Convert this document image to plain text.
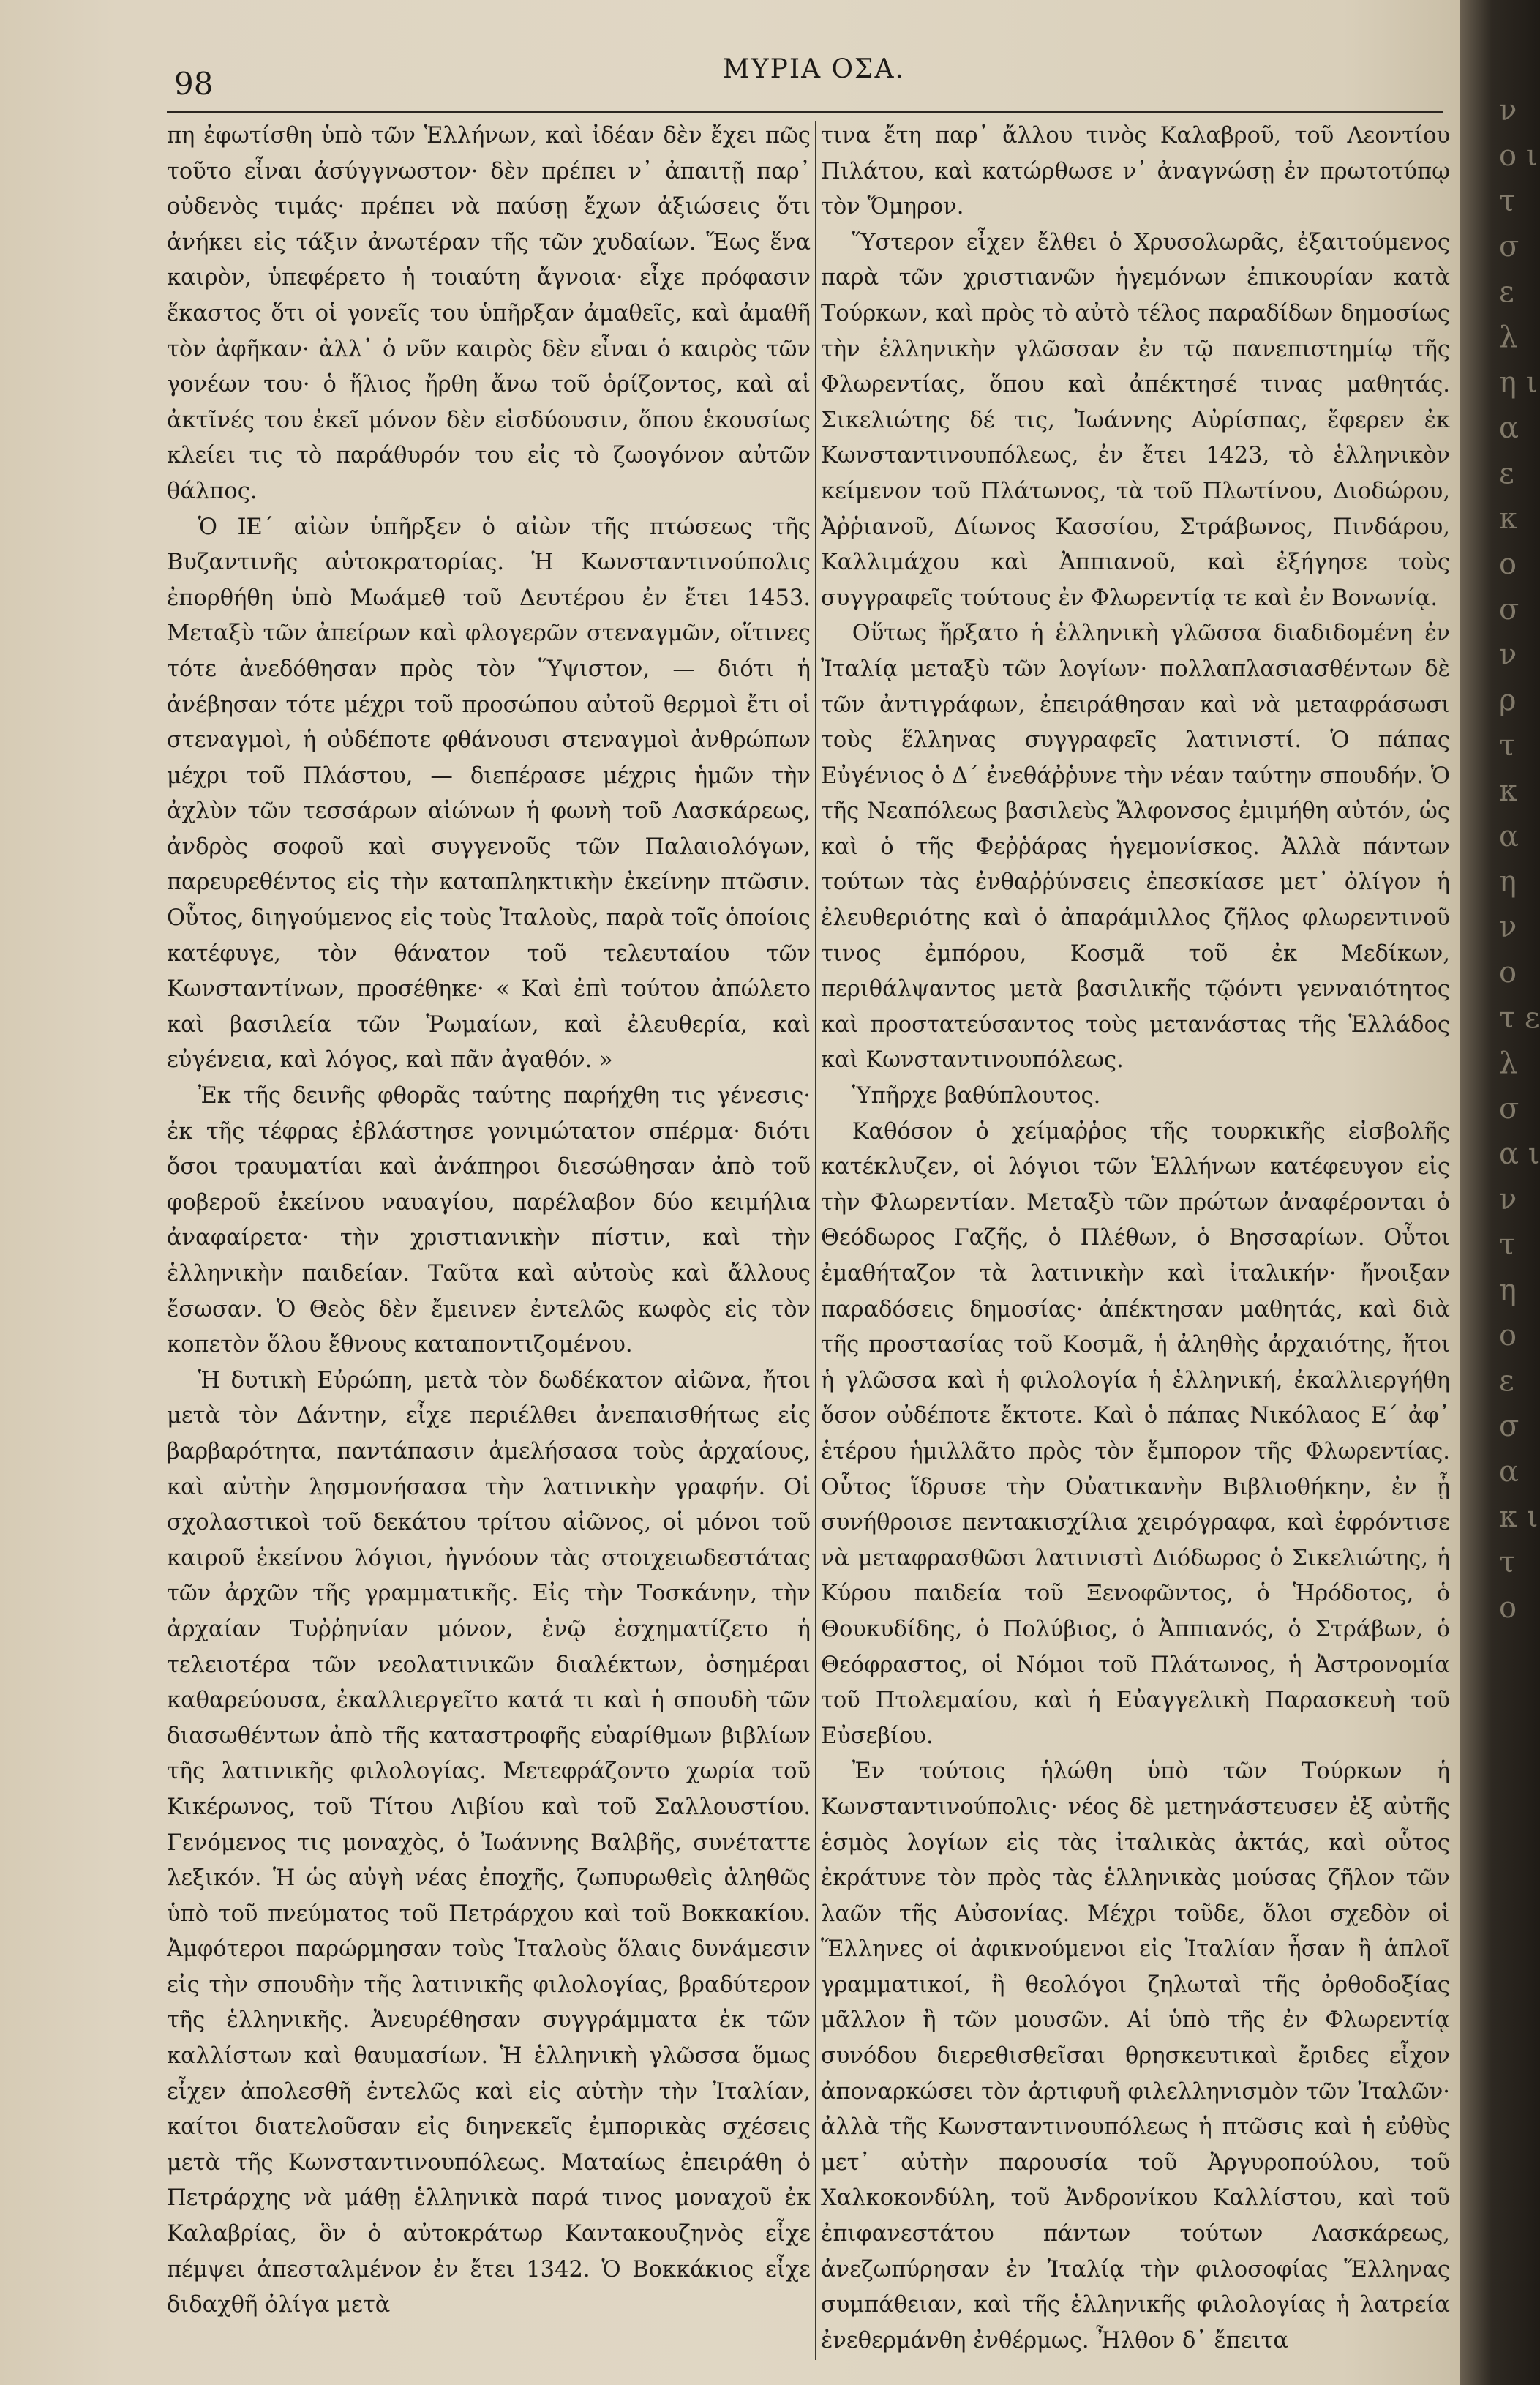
98	ΜΥΡΙΑ ΟΣΑ.

πη ἐφωτίσθη ὑπὸ τῶν Ἑλλήνων, καὶ ἰδέαν δὲν ἔχει πῶς τοῦτο εἶναι ἀσύγγνωστον· δὲν πρέπει ν᾽ ἀπαιτῇ παρ᾽ οὐδενὸς τιμάς· πρέπει νὰ παύσῃ ἔχων ἀξιώσεις ὅτι ἀνήκει εἰς τάξιν ἀνωτέραν τῆς τῶν χυδαίων. Ἕως ἕνα καιρὸν, ὑπεφέρετο ἡ τοιαύτη ἄγνοια· εἶχε πρόφασιν ἕκαστος ὅτι οἱ γονεῖς του ὑπῆρξαν ἀμαθεῖς, καὶ ἀμαθῆ τὸν ἀφῆκαν· ἀλλ᾽ ὁ νῦν καιρὸς δὲν εἶναι ὁ καιρὸς τῶν γονέων του· ὁ ἥλιος ἤρθη ἄνω τοῦ ὁρίζοντος, καὶ αἱ ἀκτῖνές του ἐκεῖ μόνον δὲν εἰσδύουσιν, ὅπου ἑκουσίως κλείει τις τὸ παράθυρόν του εἰς τὸ ζωογόνον αὐτῶν θάλπος.

Ὁ ΙΕ΄ αἰὼν ὑπῆρξεν ὁ αἰὼν τῆς πτώσεως τῆς Βυζαντινῆς αὐτοκρατορίας. Ἡ Κωνσταντινούπολις ἐπορθήθη ὑπὸ Μωάμεθ τοῦ Δευτέρου ἐν ἔτει 1453. Μεταξὺ τῶν ἀπείρων καὶ φλογερῶν στεναγμῶν, οἵτινες τότε ἀνεδόθησαν πρὸς τὸν Ὕψιστον, — διότι ἡ ἀνέβησαν τότε μέχρι τοῦ προσώπου αὐτοῦ θερμοὶ ἔτι οἱ στεναγμοὶ, ἡ οὐδέποτε φθάνουσι στεναγμοὶ ἀνθρώπων μέχρι τοῦ Πλάστου, — διεπέρασε μέχρις ἡμῶν τὴν ἀχλὺν τῶν τεσσάρων αἰώνων ἡ φωνὴ τοῦ Λασκάρεως, ἀνδρὸς σοφοῦ καὶ συγγενοῦς τῶν Παλαιολόγων, παρευρεθέντος εἰς τὴν καταπληκτικὴν ἐκείνην πτῶσιν. Οὗτος, διηγούμενος εἰς τοὺς Ἰταλοὺς, παρὰ τοῖς ὁποίοις κατέφυγε, τὸν θάνατον τοῦ τελευταίου τῶν Κωνσταντίνων, προσέθηκε· « Καὶ ἐπὶ τούτου ἀπώλετο καὶ βασιλεία τῶν Ῥωμαίων, καὶ ἐλευθερία, καὶ εὐγένεια, καὶ λόγος, καὶ πᾶν ἀγαθόν. »

Ἐκ τῆς δεινῆς φθορᾶς ταύτης παρήχθη τις γένεσις· ἐκ τῆς τέφρας ἐβλάστησε γονιμώτατον σπέρμα· διότι ὅσοι τραυματίαι καὶ ἀνάπηροι διεσώθησαν ἀπὸ τοῦ φοβεροῦ ἐκείνου ναυαγίου, παρέλαβον δύο κειμήλια ἀναφαίρετα· τὴν χριστιανικὴν πίστιν, καὶ τὴν ἑλληνικὴν παιδείαν. Ταῦτα καὶ αὐτοὺς καὶ ἄλλους ἔσωσαν. Ὁ Θεὸς δὲν ἔμεινεν ἐντελῶς κωφὸς εἰς τὸν κοπετὸν ὅλου ἔθνους καταποντιζομένου.

Ἡ δυτικὴ Εὐρώπη, μετὰ τὸν δωδέκατον αἰῶνα, ἤτοι μετὰ τὸν Δάντην, εἶχε περιέλθει ἀνεπαισθήτως εἰς βαρβαρότητα, παντάπασιν ἀμελήσασα τοὺς ἀρχαίους, καὶ αὐτὴν λησμονήσασα τὴν λατινικὴν γραφήν. Οἱ σχολαστικοὶ τοῦ δεκάτου τρίτου αἰῶνος, οἱ μόνοι τοῦ καιροῦ ἐκείνου λόγιοι, ἠγνόουν τὰς στοιχειωδεστάτας τῶν ἀρχῶν τῆς γραμματικῆς. Εἰς τὴν Τοσκάνην, τὴν ἀρχαίαν Τυῤῥηνίαν μόνον, ἐνῷ ἐσχηματίζετο ἡ τελειοτέρα τῶν νεολατινικῶν διαλέκτων, ὀσημέραι καθαρεύουσα, ἐκαλλιεργεῖτο κατά τι καὶ ἡ σπουδὴ τῶν διασωθέντων ἀπὸ τῆς καταστροφῆς εὐαρίθμων βιβλίων τῆς λατινικῆς φιλολογίας. Μετεφράζοντο χωρία τοῦ Κικέρωνος, τοῦ Τίτου Λιβίου καὶ τοῦ Σαλλουστίου. Γενόμενος τις μοναχὸς, ὁ Ἰωάννης Βαλβῆς, συνέταττε λεξικόν. Ἡ ὡς αὐγὴ νέας ἐποχῆς, ζωπυρωθεὶς ἀληθῶς ὑπὸ τοῦ πνεύματος τοῦ Πετράρχου καὶ τοῦ Βοκκακίου. Ἀμφότεροι παρώρμησαν τοὺς Ἰταλοὺς ὅλαις δυνάμεσιν εἰς τὴν σπουδὴν τῆς λατινικῆς φιλολογίας, βραδύτερον τῆς ἑλληνικῆς. Ἀνευρέθησαν συγγράμματα ἐκ τῶν καλλίστων καὶ θαυμασίων. Ἡ ἑλληνικὴ γλῶσσα ὅμως εἶχεν ἀπολεσθῆ ἐντελῶς καὶ εἰς αὐτὴν τὴν Ἰταλίαν, καίτοι διατελοῦσαν εἰς διηνεκεῖς ἐμπορικὰς σχέσεις μετὰ τῆς Κωνσταντινουπόλεως. Ματαίως ἐπειράθη ὁ Πετράρχης νὰ μάθῃ ἑλληνικὰ παρά τινος μοναχοῦ ἐκ Καλαβρίας, ὃν ὁ αὐτοκράτωρ Καντακουζηνὸς εἶχε πέμψει ἀπεσταλμένον ἐν ἔτει 1342. Ὁ Βοκκάκιος εἶχε διδαχθῆ ὀλίγα μετὰ

τινα ἔτη παρ᾽ ἄλλου τινὸς Καλαβροῦ, τοῦ Λεοντίου Πιλάτου, καὶ κατώρθωσε ν᾽ ἀναγνώσῃ ἐν πρωτοτύπῳ τὸν Ὅμηρον.

Ὕστερον εἶχεν ἔλθει ὁ Χρυσολωρᾶς, ἐξαιτούμενος παρὰ τῶν χριστιανῶν ἡγεμόνων ἐπικουρίαν κατὰ Τούρκων, καὶ πρὸς τὸ αὐτὸ τέλος παραδίδων δημοσίως τὴν ἑλληνικὴν γλῶσσαν ἐν τῷ πανεπιστημίῳ τῆς Φλωρεντίας, ὅπου καὶ ἀπέκτησέ τινας μαθητάς. Σικελιώτης δέ τις, Ἰωάννης Αὐρίσπας, ἔφερεν ἐκ Κωνσταντινουπόλεως, ἐν ἔτει 1423, τὸ ἑλληνικὸν κείμενον τοῦ Πλάτωνος, τὰ τοῦ Πλωτίνου, Διοδώρου, Ἀῤῥιανοῦ, Δίωνος Κασσίου, Στράβωνος, Πινδάρου, Καλλιμάχου καὶ Ἀππιανοῦ, καὶ ἐξήγησε τοὺς συγγραφεῖς τούτους ἐν Φλωρεντίᾳ τε καὶ ἐν Βονωνίᾳ.

Οὕτως ἤρξατο ἡ ἑλληνικὴ γλῶσσα διαδιδομένη ἐν Ἰταλίᾳ μεταξὺ τῶν λογίων· πολλαπλασιασθέντων δὲ τῶν ἀντιγράφων, ἐπειράθησαν καὶ νὰ μεταφράσωσι τοὺς ἕλληνας συγγραφεῖς λατινιστί. Ὁ πάπας Εὐγένιος ὁ Δ΄ ἐνεθάῤῥυνε τὴν νέαν ταύτην σπουδήν. Ὁ τῆς Νεαπόλεως βασιλεὺς Ἄλφονσος ἐμιμήθη αὐτόν, ὡς καὶ ὁ τῆς Φεῤῥάρας ἡγεμονίσκος. Ἀλλὰ πάντων τούτων τὰς ἐνθαῤῥύνσεις ἐπεσκίασε μετ᾽ ὀλίγον ἡ ἐλευθεριότης καὶ ὁ ἀπαράμιλλος ζῆλος φλωρεντινοῦ τινος ἐμπόρου, Κοσμᾶ τοῦ ἐκ Μεδίκων, περιθάλψαντος μετὰ βασιλικῆς τῷόντι γενναιότητος καὶ προστατεύσαντος τοὺς μετανάστας τῆς Ἑλλάδος καὶ Κωνσταντινουπόλεως.

Ὑπῆρχε βαθύπλουτος.

Καθόσον ὁ χείμαῤῥος τῆς τουρκικῆς εἰσβολῆς κατέκλυζεν, οἱ λόγιοι τῶν Ἑλλήνων κατέφευγον εἰς τὴν Φλωρεντίαν. Μεταξὺ τῶν πρώτων ἀναφέρονται ὁ Θεόδωρος Γαζῆς, ὁ Πλέθων, ὁ Βησσαρίων. Οὗτοι ἐμαθήταζον τὰ λατινικὴν καὶ ἰταλικήν· ἤνοιξαν παραδόσεις δημοσίας· ἀπέκτησαν μαθητάς, καὶ διὰ τῆς προστασίας τοῦ Κοσμᾶ, ἡ ἀληθὴς ἀρχαιότης, ἤτοι ἡ γλῶσσα καὶ ἡ φιλολογία ἡ ἑλληνική, ἐκαλλιεργήθη ὅσον οὐδέποτε ἔκτοτε. Καὶ ὁ πάπας Νικόλαος Ε΄ ἀφ᾽ ἑτέρου ἡμιλλᾶτο πρὸς τὸν ἔμπορον τῆς Φλωρεντίας. Οὗτος ἵδρυσε τὴν Οὐατικανὴν Βιβλιοθήκην, ἐν ᾗ συνήθροισε πεντακισχίλια χειρόγραφα, καὶ ἐφρόντισε νὰ μεταφρασθῶσι λατινιστὶ Διόδωρος ὁ Σικελιώτης, ἡ Κύρου παιδεία τοῦ Ξενοφῶντος, ὁ Ἡρόδοτος, ὁ Θουκυδίδης, ὁ Πολύβιος, ὁ Ἀππιανός, ὁ Στράβων, ὁ Θεόφραστος, οἱ Νόμοι τοῦ Πλάτωνος, ἡ Ἀστρονομία τοῦ Πτολεμαίου, καὶ ἡ Εὐαγγελικὴ Παρασκευὴ τοῦ Εὐσεβίου.

Ἐν τούτοις ἡλώθη ὑπὸ τῶν Τούρκων ἡ Κωνσταντινούπολις· νέος δὲ μετηνάστευσεν ἐξ αὐτῆς ἑσμὸς λογίων εἰς τὰς ἰταλικὰς ἀκτάς, καὶ οὗτος ἐκράτυνε τὸν πρὸς τὰς ἑλληνικὰς μούσας ζῆλον τῶν λαῶν τῆς Αὐσονίας. Μέχρι τοῦδε, ὅλοι σχεδὸν οἱ Ἕλληνες οἱ ἀφικνούμενοι εἰς Ἰταλίαν ἦσαν ἢ ἁπλοῖ γραμματικοί, ἢ θεολόγοι ζηλωταὶ τῆς ὀρθοδοξίας μᾶλλον ἢ τῶν μουσῶν. Αἱ ὑπὸ τῆς ἐν Φλωρεντίᾳ συνόδου διερεθισθεῖσαι θρησκευτικαὶ ἔριδες εἶχον ἀποναρκώσει τὸν ἀρτιφυῆ φιλελληνισμὸν τῶν Ἰταλῶν· ἀλλὰ τῆς Κωνσταντινουπόλεως ἡ πτῶσις καὶ ἡ εὐθὺς μετ᾽ αὐτὴν παρουσία τοῦ Ἀργυροπούλου, τοῦ Χαλκοκονδύλη, τοῦ Ἀνδρονίκου Καλλίστου, καὶ τοῦ ἐπιφανεστάτου πάντων τούτων Λασκάρεως, ἀνεζωπύρησαν ἐν Ἰταλίᾳ τὴν φιλοσοφίας Ἕλληνας συμπάθειαν, καὶ τῆς ἑλληνικῆς φιλολογίας ἡ λατρεία ἐνεθερμάνθη ἐνθέρμως. Ἦλθον δ᾽ ἔπειτα

ν ο ι τ σ ε λ η ι α ε κ ο σ ν ρ τ κ α η ν ο τ ε λ σ α ι ν τ η ο ε σ α κ ι τ ο
